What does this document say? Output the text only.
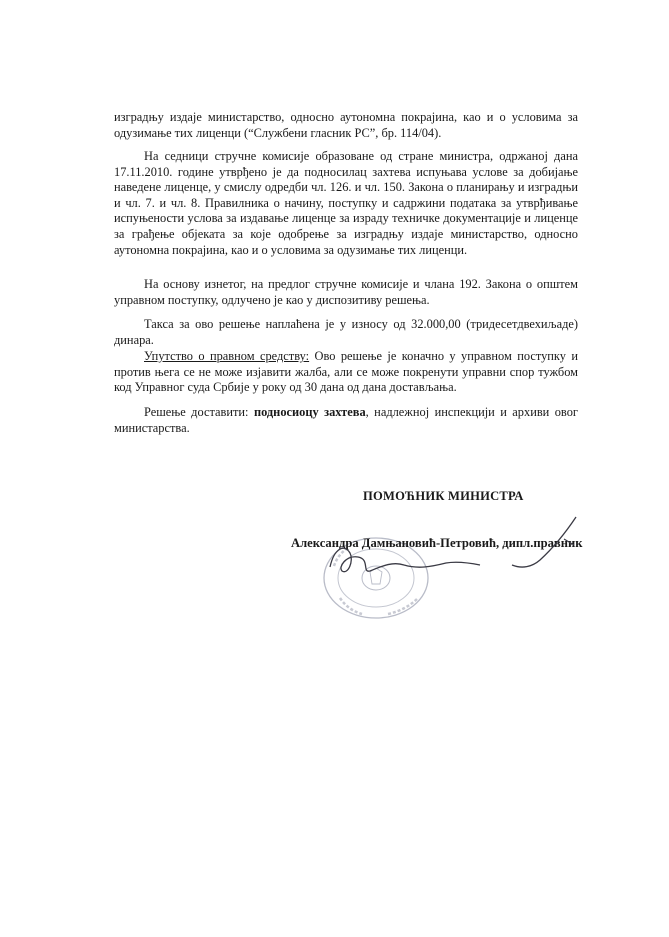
изградњу издаје министарство, односно аутономна покрајина, као и о условима за одузимање тих лиценци (“Службени гласник РС”, бр. 114/04).

На седници стручне комисије образоване од стране министра, одржаној дана 17.11.2010. године утврђено је да подносилац захтева испуњава услове за добијање наведене лиценце, у смислу одредби чл. 126. и чл. 150. Закона о планирању и изградњи и чл. 7. и чл. 8. Правилника о начину, поступку и садржини података за утврђивање испуњености услова за издавање лиценце за израду техничке документације и лиценце за грађење објеката за које одобрење за изградњу издаје министарство, односно аутономна покрајина, као и о условима за одузимање тих лиценци.

На основу изнетог, на предлог стручне комисије и члана 192. Закона о општем управном поступку, одлучено је као у диспозитиву решења.

Такса за ово решење наплаћена је у износу од 32.000,00 (тридесетдвехиљаде) динара.

Упутство о правном средству: Ово решење је коначно у управном поступку и против њега се не може изјавити жалба, али се може покренути управни спор тужбом код Управног суда Србије у року од 30 дана од дана достављања.

Решење доставити: подносиоцу захтева, надлежној инспекцији и архиви овог министарства.

ПОМОЋНИК МИНИСТРА
Александра Дамњановић-Петровић, дипл.правник
